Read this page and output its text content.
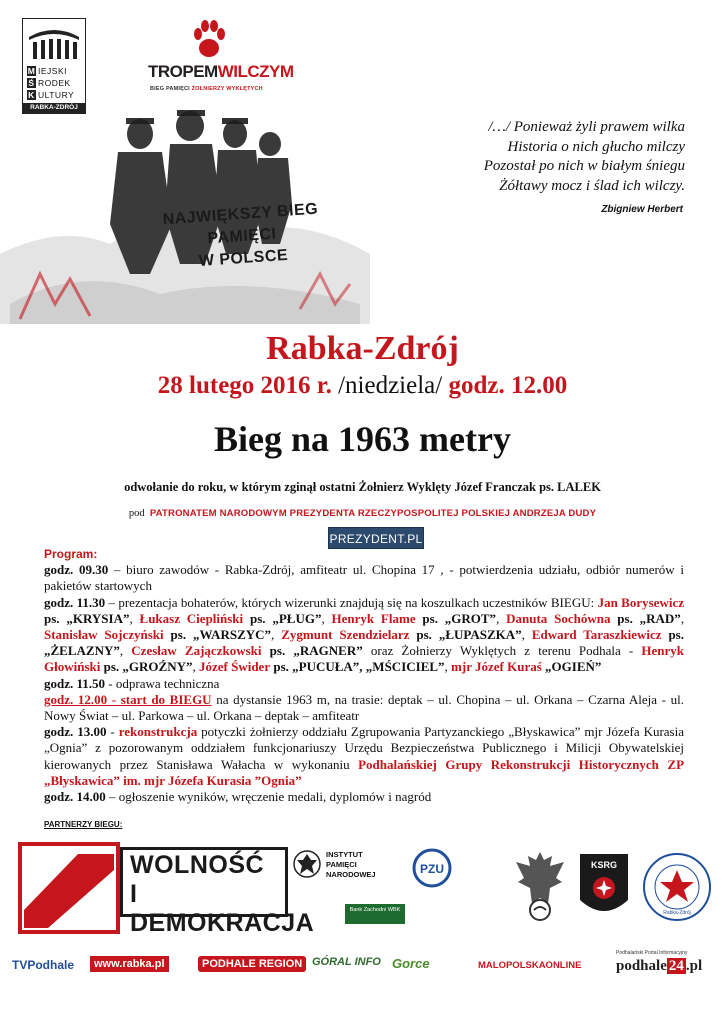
M IEJSKI
Ś RODEK
K ULTURY
RABKA-ZDRÓJ
TROPEMWILCZYM
BIEG PAMIĘCI ŻOŁNIERZY WYKLĘTYCH
NAJWIĘKSZY BIEG PAMIĘCI
W POLSCE
/…/ Ponieważ żyli prawem wilka
Historia o nich głucho milczy
Pozostał po nich w białym śniegu
Żółtawy mocz i ślad ich wilczy.
Zbigniew Herbert
Rabka-Zdrój
28 lutego 2016 r. /niedziela/ godz. 12.00
Bieg na 1963 metry
odwołanie do roku, w którym zginął ostatni Żołnierz Wyklęty Józef Franczak ps. LALEK
pod PATRONATEM NARODOWYM PREZYDENTA RZECZYPOSPOLITEJ POLSKIEJ ANDRZEJA DUDY
PREZYDENT.PL

Program:

godz. 09.30 – biuro zawodów - Rabka-Zdrój, amfiteatr ul. Chopina 17 , - potwierdzenia udziału, odbiór numerów i pakietów startowych

godz. 11.30 – prezentacja bohaterów, których wizerunki znajdują się na koszulkach uczestników BIEGU: Jan Borysewicz ps. „KRYSIA”, Łukasz Ciepliński ps. „PŁUG”, Henryk Flame ps. „GROT”, Danuta Sochówna ps. „RAD”, Stanisław Sojczyński ps. „WARSZYC”, Zygmunt Szendzielarz ps. „ŁUPASZKA”, Edward Taraszkiewicz ps. „ŻELAZNY”, Czesław Zajączkowski ps. „RAGNER” oraz Żołnierzy Wyklętych z terenu Podhala - Henryk Głowiński ps. „GROŹNY”, Józef Świder ps. „PUCUŁA”, „MŚCICIEL”, mjr Józef Kuraś „OGIEŃ”

godz. 11.50 - odprawa techniczna

godz. 12.00 - start do BIEGU na dystansie 1963 m, na trasie: deptak – ul. Chopina – ul. Orkana – Czarna Aleja - ul. Nowy Świat – ul. Parkowa – ul. Orkana – deptak – amfiteatr

godz. 13.00 - rekonstrukcja potyczki żołnierzy oddziału Zgrupowania Partyzanckiego „Błyskawica” mjr Józefa Kurasia „Ognia” z pozorowanym oddziałem funkcjonariuszy Urzędu Bezpieczeństwa Publicznego i Milicji Obywatelskiej kierowanych przez Stanisława Wałacha w wykonaniu Podhalańskiej Grupy Rekonstrukcji Historycznych ZP „Błyskawica” im. mjr Józefa Kurasia ”Ognia”

godz. 14.00 – ogłoszenie wyników, wręczenie medali, dyplomów i nagród

PARTNERZY BIEGU:
WOLNOŚĆ
I DEMOKRACJA
INSTYTUT
PAMIĘCI
NARODOWEJ
Bank Zachodni WBK
PZU	KSRG
Rabka-Zdrój
TVPodhale	www.rabka.pl	PODHALE REGION GÓRAL INFO Gorce	MALOPOLSKAONLINE
Podhalański Portal Informacyjny
podhale 24 .pl
